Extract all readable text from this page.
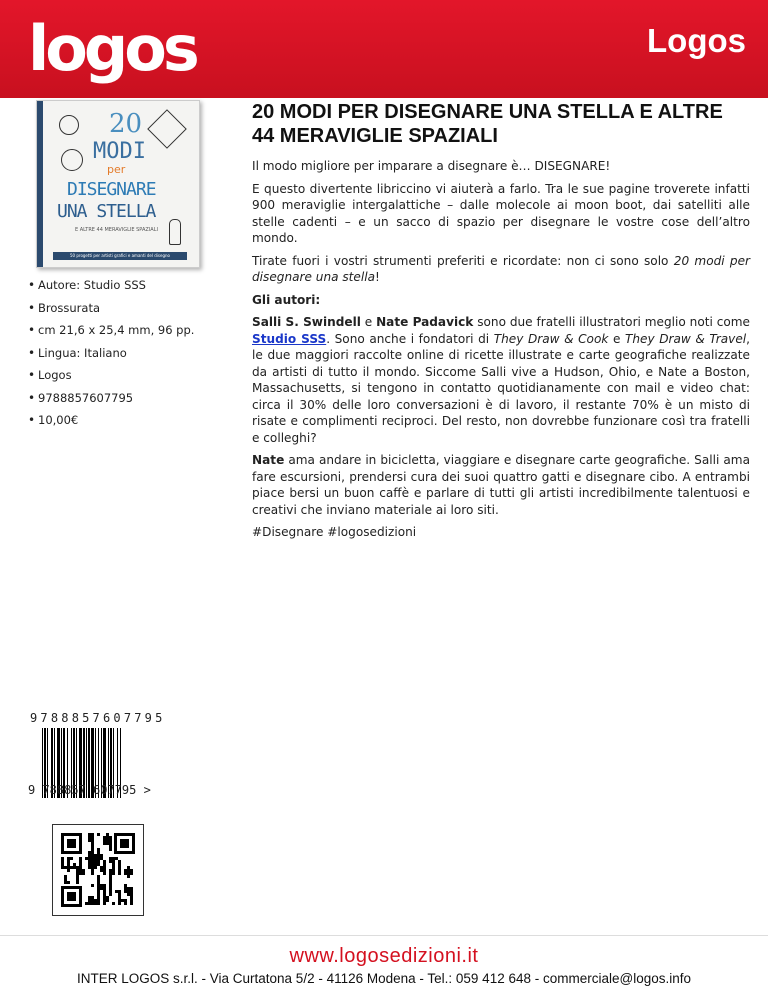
logos	Logos
20
MODI
per
DISEGNARE
UNA STELLA
E ALTRE 44 MERAVIGLIE SPAZIALI
50 progetti per artisti grafici e amanti del disegno
• Autore: Studio SSS
• Brossurata
• cm 21,6 x 25,4 mm, 96 pp.
• Lingua: Italiano
• Logos
• 9788857607795
• 10,00€
20 MODI PER DISEGNARE UNA STELLA E ALTRE 44 MERAVIGLIE SPAZIALI

Il modo migliore per imparare a disegnare è… DISEGNARE!

E questo divertente libriccino vi aiuterà a farlo. Tra le sue pagine troverete infatti 900 meraviglie intergalattiche – dalle molecole ai moon boot, dai satelliti alle stelle cadenti – e un sacco di spazio per disegnare le vostre cose dell’altro mondo.

Tirate fuori i vostri strumenti preferiti e ricordate: non ci sono solo 20 modi per disegnare una stella!

Gli autori:

Salli S. Swindell e Nate Padavick sono due fratelli illustratori meglio noti come Studio SSS. Sono anche i fondatori di They Draw & Cook e They Draw & Travel, le due maggiori raccolte online di ricette illustrate e carte geografiche realizzate da artisti di tutto il mondo. Siccome Salli vive a Hudson, Ohio, e Nate a Boston, Massachusetts, si tengono in contatto quotidianamente con mail e video chat: circa il 30% delle loro conversazioni è di lavoro, il restante 70% è un misto di risate e complimenti reciproci. Del resto, non dovrebbe funzionare così tra fratelli e colleghi?

Nate ama andare in bicicletta, viaggiare e disegnare carte geografiche. Salli ama fare escursioni, prendersi cura dei suoi quattro gatti e disegnare cibo. A entrambi piace bersi un buon caffè e parlare di tutti gli artisti incredibilmente talentuosi e creativi che inviano materiale ai loro siti.

#Disegnare #logosedizioni

9788857607795
9 788857 607795 >
www.logosedizioni.it
INTER LOGOS s.r.l. - Via Curtatona 5/2 - 41126 Modena - Tel.: 059 412 648 - commerciale@logos.info
